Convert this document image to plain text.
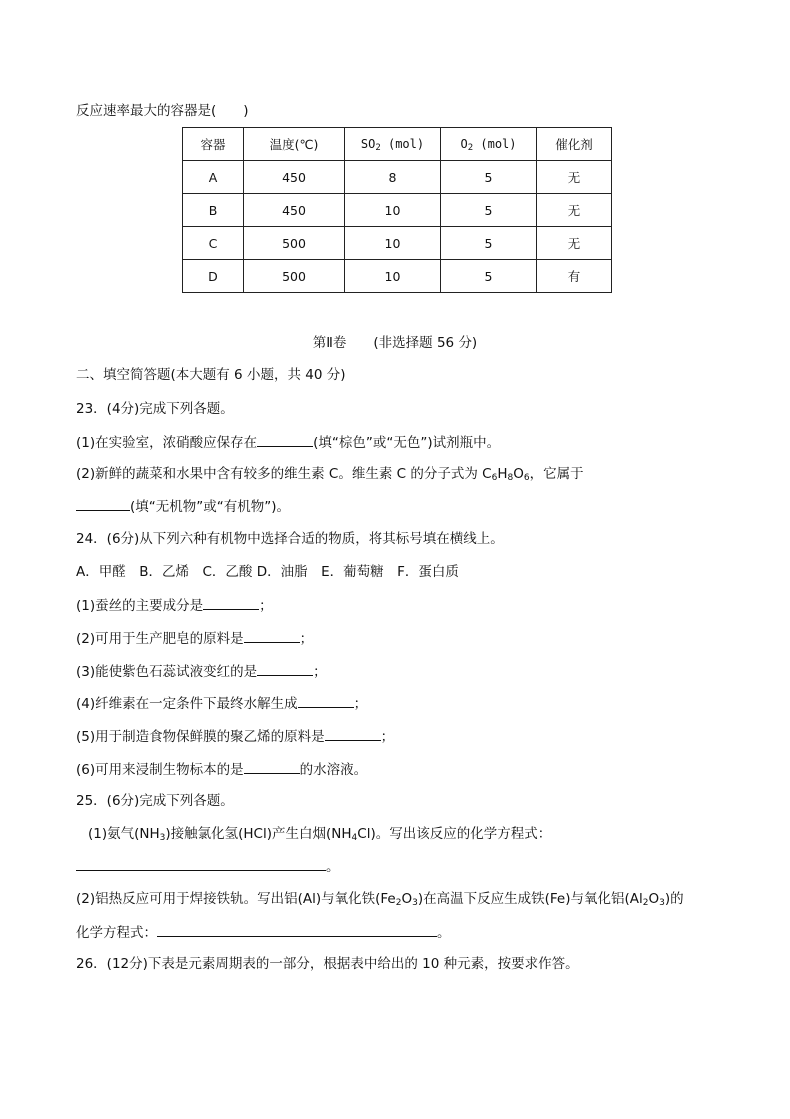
反应速率最大的容器是(　　)
容器	温度(℃)	$SO_2$ (mol)	$O_2$ (mol)	催化剂
A	450	8	5	无
B	450	10	5	无
C	500	10	5	无
D	500	10	5	有
第Ⅱ卷　　(非选择题 56 分)
二、填空简答题(本大题有 6 小题，共 40 分)
23．(4分)完成下列各题。
(1)在实验室，浓硝酸应保存在	(填“棕色”或“无色”)试剂瓶中。
(2)新鲜的蔬菜和水果中含有较多的维生素 C。维生素 C 的分子式为 $C_6H_8O_6$，它属于
(填“无机物”或“有机物”)。
24．(6分)从下列六种有机物中选择合适的物质，将其标号填在横线上。
A．甲醛　B．乙烯　C．乙酸 D．油脂　E．葡萄糖　F．蛋白质
(1)蚕丝的主要成分是	；
(2)可用于生产肥皂的原料是	；
(3)能使紫色石蕊试液变红的是	；
(4)纤维素在一定条件下最终水解生成	；
(5)用于制造食物保鲜膜的聚乙烯的原料是	；
(6)可用来浸制生物标本的是	的水溶液。
25．(6分)完成下列各题。
(1)氨气$(NH_3)$接触氯化氢(HCl)产生白烟$(NH_4Cl)$。写出该反应的化学方程式：
。
(2)铝热反应可用于焊接铁轨。写出铝(Al)与氧化铁$(Fe_2O_3)$在高温下反应生成铁(Fe)与氧化铝$(Al_2O_3)$的
化学方程式：	。
26．(12分)下表是元素周期表的一部分，根据表中给出的 10 种元素，按要求作答。
